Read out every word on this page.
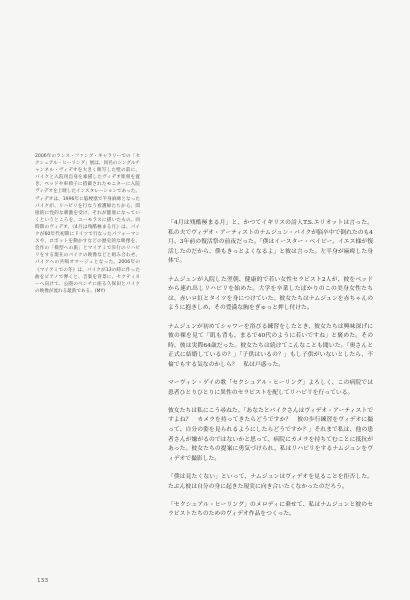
2006年のランス・ファング・ギャラリーでの「セクシュアル・ヒーリング」展は、同名のシングルチャンネル・ヴィデオを大きく映写した壁の前に、パイクと入院用自身を素描したヴィデオ彫刻を置き、ベッドや車椅子に搭載されたモニターに入院ヴィデオを上映したインスタレーションであった。ヴィデオは、1996年に脳梗塞で半身麻痺となったパイクが、リハビリを行なう看護婦たちから、間接的に性的な刺激を受け、それが健康になっていくというところを、ユーモラスに描いたもの。同時期のヴィデオ、《4月は残酷極まる月》は、パイクが60年代初期にドイツで行なったパフォーマンスや、ロボットを動かすなどの歴史的な映像を、会作の「模型への旅」とマイアミで歩行のリハビリをする現在のパイクの映像などと組み合わせ、パイクへの共鳴オマージュとなった。2006年の《マイアミでの冬》は、パイクが13の時に作った曲をピアノで弾くと、音楽を背景に、セクティヌーへ向けて、公園のベンチに座る久保田とパイクの映像が流れる最新である。(MY)

「4月は残酷極まる月」と、かつてイギリスの詩人T.S.エリオットは言った。私の夫でヴィデオ・アーティストのナムジュン・パイクが脳卒中で倒れたのも4月、3年前の復活祭の前夜だった。「僕はイースター・ベイビー。イエス様が復活したのだから、僕もきっとよくなるよ」と彼は言った。左半身が麻痺した身体で。

ナムジュンが入院した翌朝、健康的で若い女性セラピスト2人が、彼をベッドから連れ出しリハビリを始めた。大学を卒業したばかりのこの美身女性たちは、赤いロ紅とタイツを身につけていた。彼女たちはナムジュンを赤ちゃんのように抱きしめ、その豊満な胸をぎゅっと押し付けた。

ナムジュンが初めてシャワーを浴びる練習をしたとき、彼女たちは興味深げに彼の裸を見て「肌も背も、まるで40代のように若いですね」と褒めた。その時、彼は実際64歳だった。彼女たちは続けてこんなことも聞いた。「奥さんと正式に結婚しているの？」「子供はいるの？」もし子供がいないとしたら、不倫でもする気なのかしら？　私は戸惑った。

マーヴィン・ゲイの歌「セクシュアル・ヒーリング」よろしく、この病院では患者ひとりひとりに異性のセラピストを配してリハビリを行っている。

彼女たちは私にこう尋ねた。「あなたとパイクさんはヴィデオ・アーティストですよね？　カメラを持ってきたらどうですか？　彼の歩行練習をヴィデオに撮って、自分の姿を見られるようにしたらどうですか？」それまで私は、他の患者さんが嫌がるのではないかと思って、病院にカメラを持ちてむことに抵抗があった。彼女たちの提案に勇気づけられ、私はリハビリをするナムジュンをヴィデオで撮影した。

「僕は見たくない」といって、ナムジュンはヴィデオを見ることを拒否した。たぶん彼は自分の身に起きた現実に向き合いたくなかったのだろう。

「セクシュアル・ヒーリング」のメロディに乗せて、私はナムジュンと彼のセラピストたちのためのヴィデオ作品をつくった。

133
